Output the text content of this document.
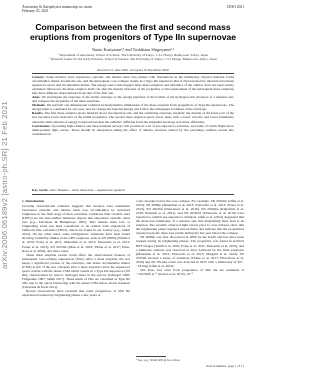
Astronomy & Astrophysics manuscript no. main
February 23, 2021
©ESO 2021
arXiv:2006.06189v2 [astro-ph.SR] 21 Feb 2021
Comparison between the first and second mass eruptions from progenitors of Type IIn supernovae
Naoto Kuriyama¹,² and Toshikazu Shigeyama²,¹
¹ Department of Astronomy, School of Science, The University of Tokyo, 7-3-1 Hongo, Bunkyo-ku, Tokyo, Japan
² Research Center for the Early Universe, School of Science, The University of Tokyo, 7-3-1 Hongo, Bunkyo-ku, Tokyo, Japan
Received 11 June 2020 / Accepted 16 December 2020

Context. Some massive stars experience episodic and intense mass loss phases with fluctuations in the luminosity. Ejected material forms circumstellar matter around the star, and the subsequent core-collapse results in a Type IIn supernova that is characterized by interaction between supernova ejecta and circumstellar matter. The energy source that triggers these mass eruptions and dynamics of the outflow have not been clearly explained. Moreover, the mass eruption itself can alter the density structure of the progenitor so that phenomena of the subsequent mass eruptions may have different characteristics from that of the first one.

Aims. We investigate the response of the stellar envelope to the energy injection at the bottom of the hydrogen-rich envelope of a massive star, and compare the properties of the mass eruptions.

Methods. We perform one-dimensional radiation hydrodynamics simulations of the mass eruption from progenitors of Type IIn supernovae. The energy input is continued for one year, and we change the injected energy and follow the subsequent evolution of the envelope.

Results. The first mass eruption ejects material above the injection site, and the remaining envelope expands; the density of the inner part of the star becomes lower than that of the initial progenitor. The second mass eruption ejects lower mass with a lower velocity and lower luminosity when the same amount of energy is injected because the radiative diffusion from the expanded envelope acts more efficiently.

Conclusions. Upcoming high-cadence and deep transient surveys will provide us a lot of pre-supernova activities, and some of which might show multi-peaked light curves. Those should be interpreted taking the effect of density structure altered by the preceding outburst events into consideration.

Key words. stars: massive – stars: mass-loss – supernovae: general
1. Introduction

Growing observational evidence suggests that massive stars sometimes experience episodic and intense mass loss accompanied by increased brightness in the final stage of their evolution. Luminous blue variable stars (LBVs) are the best-studied luminous objects that experience episodic mass loss (e.g., Davidson & Humphreys 1997). This intense mass loss or brightening event has been considered to be related with explosions of luminous blue variables (LBVs), which are found in our Galaxy (e.g., Smith 2014). On the other hand, some extragalactic transients have been found showing variability similar to the LBV eruptions, such as SN 2009ip (Smith et al. 2010; Foley et al. 2011; Mauerhan et al. 2013; Pastorello et al. 2013; Fraser et al. 2013), SN 2015bh (Ofek et al. 2016; Thöne et al. 2017; Elias-Rosa et al. 2016), and other cases.

These mass eruption events could affect the observational features of subsequent core-collapse supernovae (SNe). After a mass eruption, the star keeps a significant portion of the envelope; and dense circumstellar matter (CSM) is left. If the star collapses after a mass eruption event, the supernova ejecta collide with the dense CSM which results in a Type IIn supernova (SN IIn), characterized by narrow hydrogen lines in the spectra (Schlegel 1990; Filippenko 1997; Smith 2017). These kinds of SNe are classified as Type IIn SNe due to the ejecta interacting with the dense CSM before shock breakout (Chevalier & Irwin 2011).

Recent observations have revealed that some progenitors of SNe IIn experienced temporary brightening phases a few years or

a few decades before the core collapse. For example, SN 2010mc (Ofek et al. 2013), SN 2009ip (Mauerhan et al. 2013; Pastorello et al. 2013; Fraser et al. 2013), SN 2015bh (Elias-Rosa et al. 2016), SN 2016jbu (Kilpatrick et al. 2018; Brennan et al. 2021), and SN 2018cnf (Pastorello et al. 2019) were reported to exhibit pre-supernova outbursts. Ofek et al. (2014) suggested that the mass-loss luminosity of a massive star, this brightening must lead to an eruption. The recently observed light curves prior to core-collapse show that the brightening phase repeated several times and indicate that the progenitors repeated episodic mass-loss events during the last year before the collapse.

SN 2009ip was first discovered in 2009 by the KAIT and has since been tracked during its brightening phases. The progenitor was found in archival HST images (Smith et al. 2010; Foley et al. 2011; Pastorello et al. 2013), and a luminous outburst was observed in 2012 followed by the final explosion (Mauerhan et al. 2013; Pastorello et al. 2013; Margutti et al. 2014). SN 2015bh showed a series of outbursts (Thöne et al. 2017; Elias-Rosa et al. 2016) and the SN-like event was detected in 2015 with a luminosity of M ≈ −18 mag (Ofek et al. 2016).

The mass loss rates from progenitors of SNe IIn are estimated at ∼0.01M⊙ yr⁻¹ (Kiewe et al. 2012), 10⁻³

¹ See, e.g., Smith (2014) for review.
Article number, page 1 of 11
